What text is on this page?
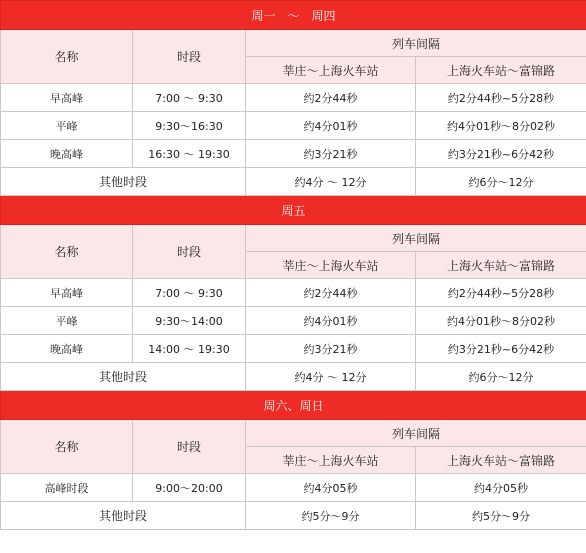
周一　～　周四			
名称	时段	列车间隔	
		莘庄～上海火车站	上海火车站～富锦路
早高峰	7:00 ～ 9:30	约2分44秒	约2分44秒~5分28秒
平峰	9:30～16:30	约4分01秒	约4分01秒～8分02秒
晚高峰	16:30 ～ 19:30	约3分21秒	约3分21秒~6分42秒
其他时段		约4分 ～ 12分	约6分～12分
周五			
名称	时段	列车间隔	
		莘庄～上海火车站	上海火车站～富锦路
早高峰	7:00 ～ 9:30	约2分44秒	约2分44秒~5分28秒
平峰	9:30～14:00	约4分01秒	约4分01秒～8分02秒
晚高峰	14:00 ～ 19:30	约3分21秒	约3分21秒~6分42秒
其他时段		约4分 ～ 12分	约6分～12分
周六、周日			
名称	时段	列车间隔	
		莘庄～上海火车站	上海火车站～富锦路
高峰时段	9:00～20:00	约4分05秒	约4分05秒
其他时段		约5分～9分	约5分～9分
